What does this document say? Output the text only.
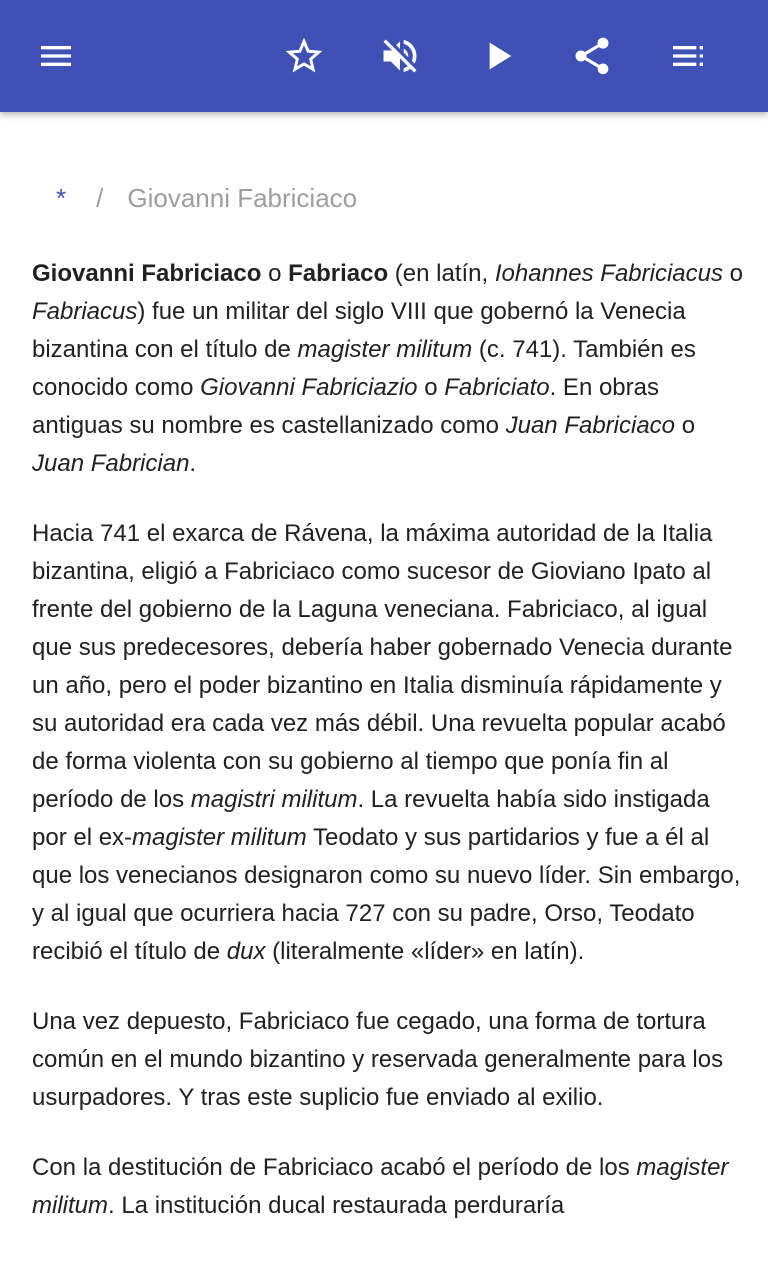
* / Giovanni Fabriciaco

Giovanni Fabriciaco o Fabriaco (en latín, Iohannes Fabriciacus o Fabriacus) fue un militar del siglo VIII que gobernó la Venecia bizantina con el título de magister militum (c. 741). También es conocido como Giovanni Fabriciazio o Fabriciato. En obras antiguas su nombre es castellanizado como Juan Fabriciaco o Juan Fabrician.

Hacia 741 el exarca de Rávena, la máxima autoridad de la Italia bizantina, eligió a Fabriciaco como sucesor de Gioviano Ipato al frente del gobierno de la Laguna veneciana. Fabriciaco, al igual que sus predecesores, debería haber gobernado Venecia durante un año, pero el poder bizantino en Italia disminuía rápidamente y su autoridad era cada vez más débil. Una revuelta popular acabó de forma violenta con su gobierno al tiempo que ponía fin al período de los magistri militum. La revuelta había sido instigada por el ex-magister militum Teodato y sus partidarios y fue a él al que los venecianos designaron como su nuevo líder. Sin embargo, y al igual que ocurriera hacia 727 con su padre, Orso, Teodato recibió el título de dux (literalmente «líder» en latín).

Una vez depuesto, Fabriciaco fue cegado, una forma de tortura común en el mundo bizantino y reservada generalmente para los usurpadores. Y tras este suplicio fue enviado al exilio.

Con la destitución de Fabriciaco acabó el período de los magister militum. La institución ducal restaurada perduraría
